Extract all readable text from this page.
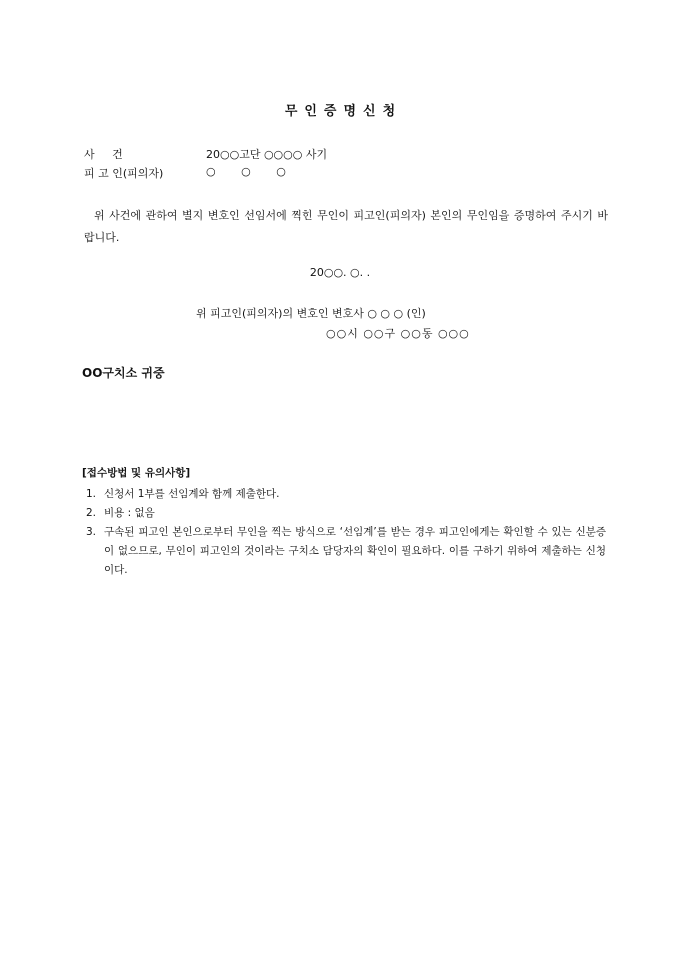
무인증명신청
사 건	20○○고단 ○○○○ 사기
피 고 인(피의자)	○ ○ ○
위 사건에 관하여 별지 변호인 선임서에 찍힌 무인이 피고인(피의자) 본인의 무인임을 증명하여 주시기 바랍니다.
20○○. ○. .
위 피고인(피의자)의 변호인 변호사 ○ ○ ○ (인)
○○시 ○○구 ○○동 ○○○
OO구치소 귀중
[접수방법 및 유의사항]
1. 신청서 1부를 선임계와 함께 제출한다.
2. 비용 : 없음
3. 구속된 피고인 본인으로부터 무인을 찍는 방식으로 ‘선임계’를 받는 경우 피고인에게는 확인할 수 있는 신분증이 없으므로, 무인이 피고인의 것이라는 구치소 담당자의 확인이 필요하다. 이를 구하기 위하여 제출하는 신청이다.
